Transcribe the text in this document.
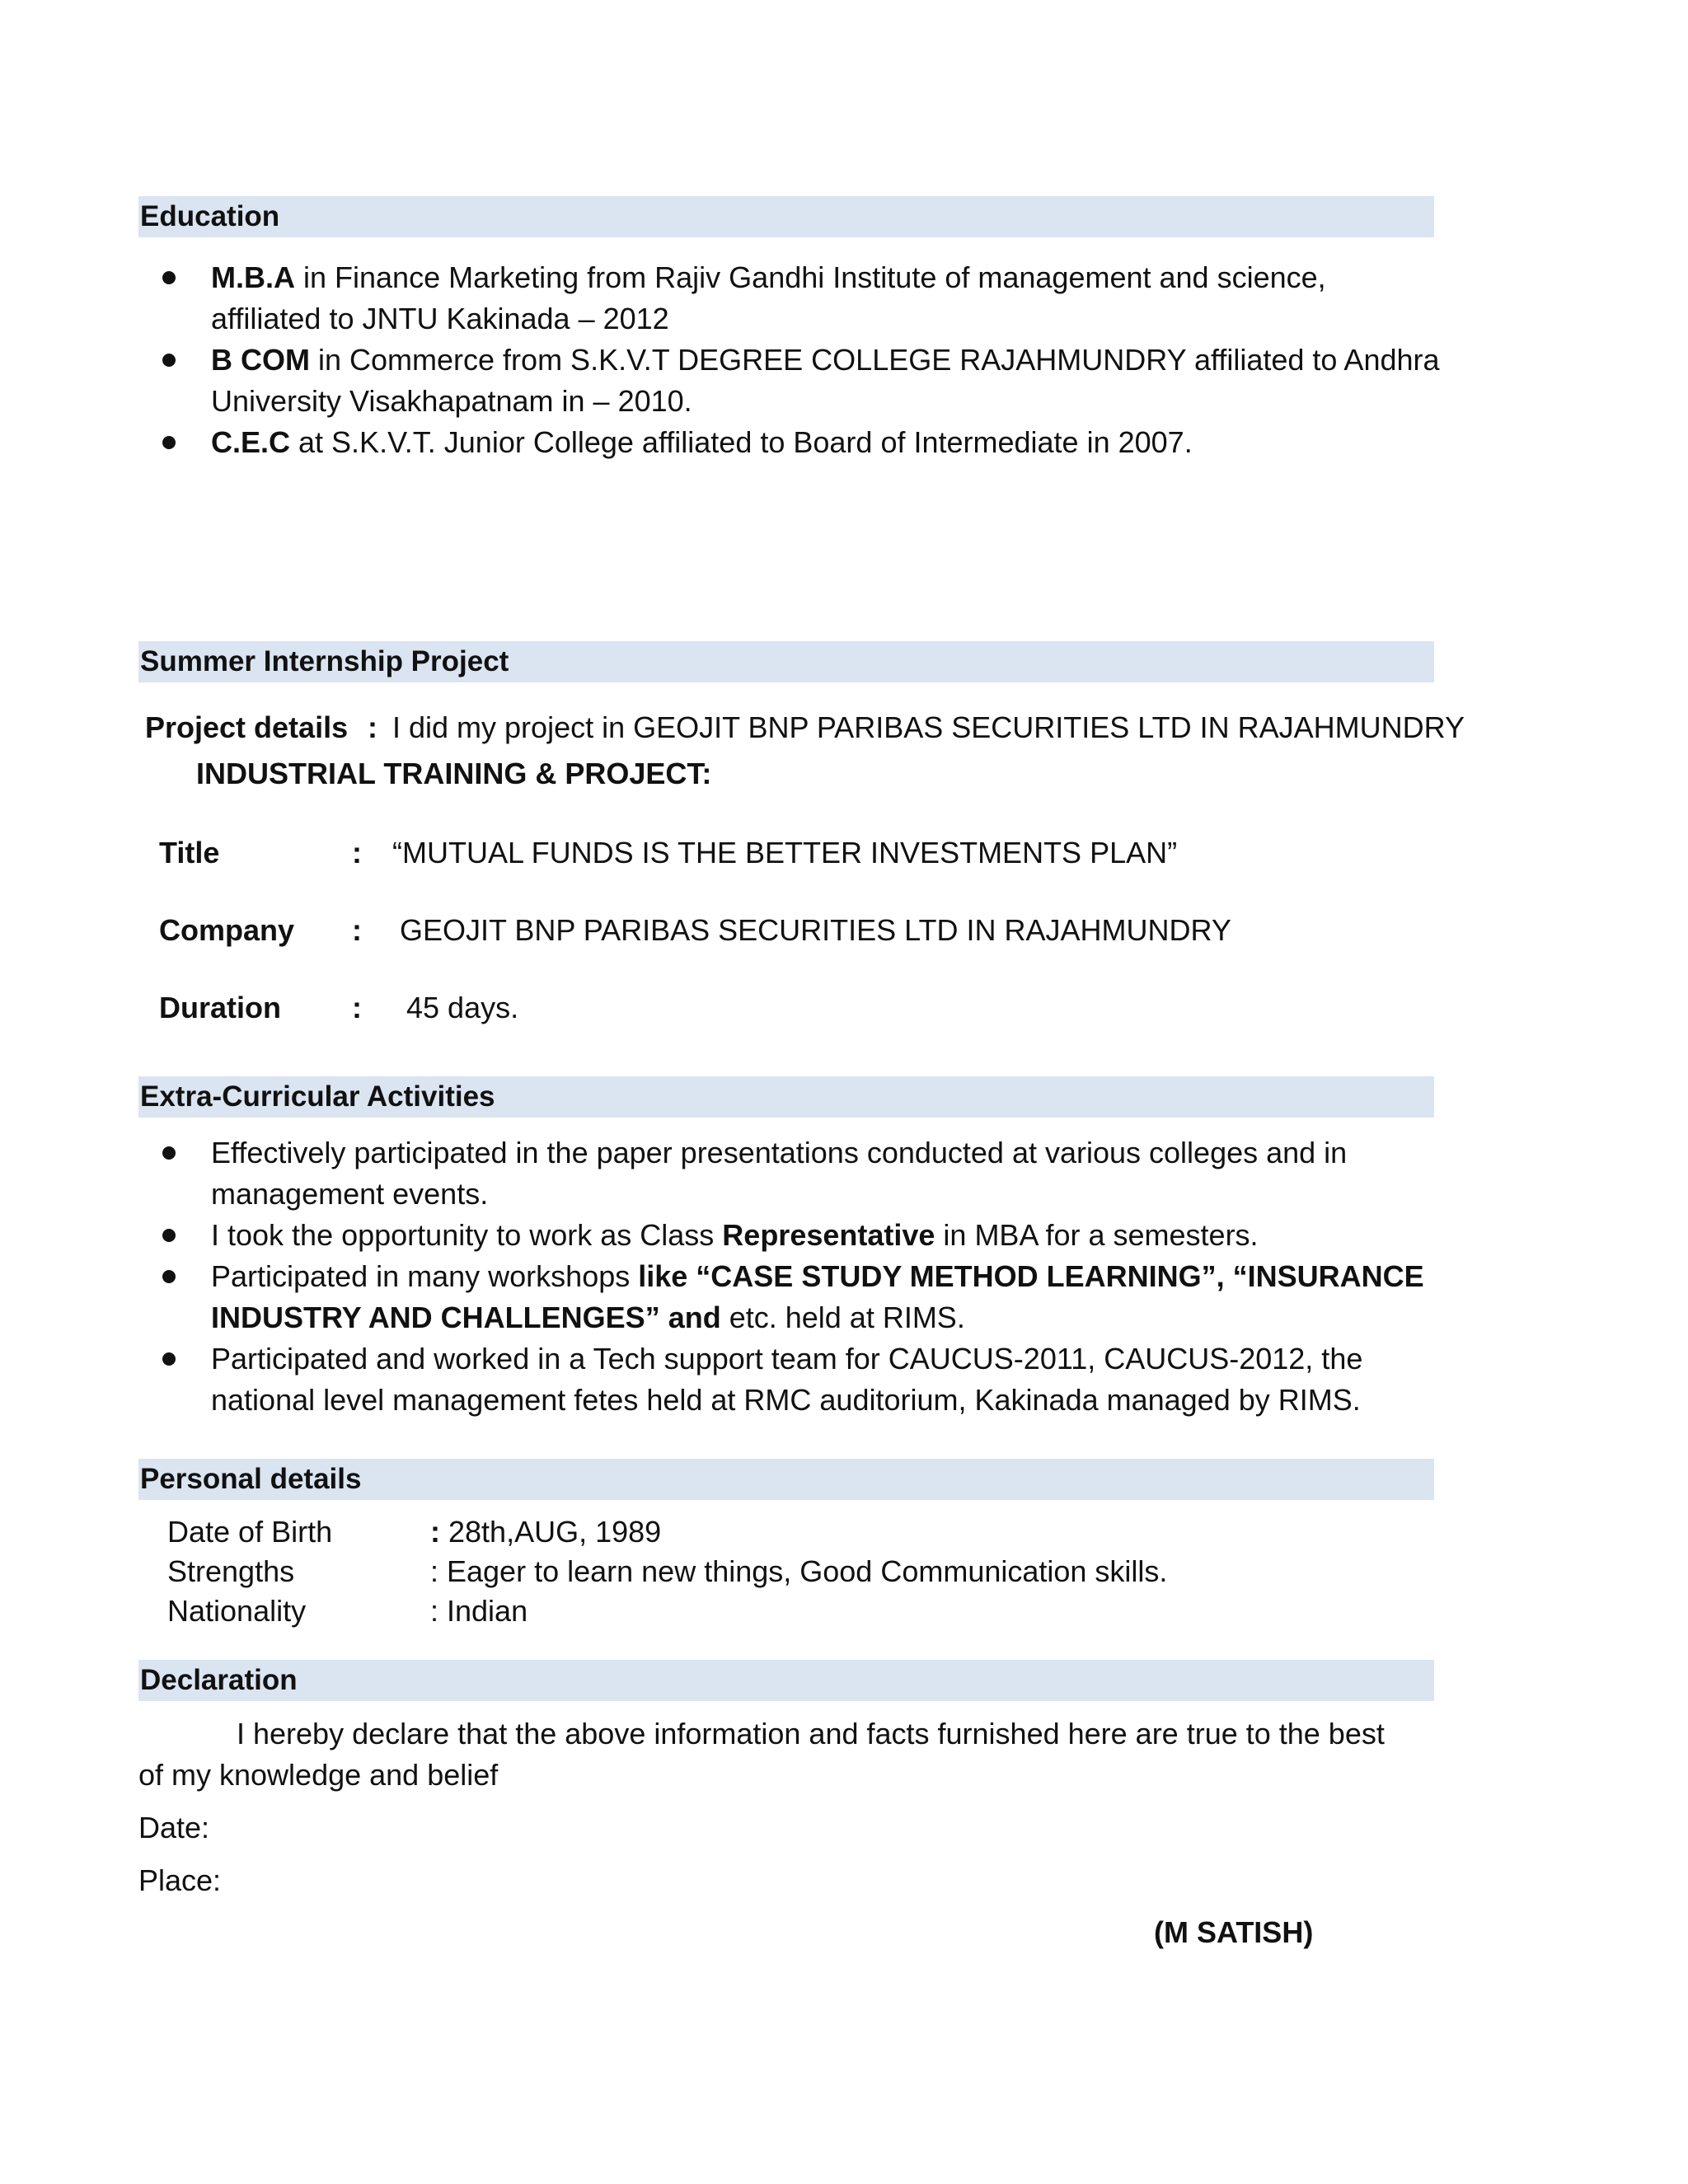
Education
M.B.A in Finance Marketing from Rajiv Gandhi Institute of management and science,
affiliated to JNTU Kakinada – 2012
B COM in Commerce from S.K.V.T DEGREE COLLEGE RAJAHMUNDRY affiliated to Andhra
University Visakhapatnam in – 2010.
C.E.C at S.K.V.T. Junior College affiliated to Board of Intermediate in 2007.
Summer Internship Project
Project details : I did my project in GEOJIT BNP PARIBAS SECURITIES LTD IN RAJAHMUNDRY
INDUSTRIAL TRAINING & PROJECT:
Title	: “MUTUAL FUNDS IS THE BETTER INVESTMENTS PLAN”
Company : GEOJIT BNP PARIBAS SECURITIES LTD IN RAJAHMUNDRY
Duration : 45 days.
Extra-Curricular Activities
Effectively participated in the paper presentations conducted at various colleges and in
management events.
I took the opportunity to work as Class Representative in MBA for a semesters.
Participated in many workshops like “CASE STUDY METHOD LEARNING”, “INSURANCE
INDUSTRY AND CHALLENGES” and etc. held at RIMS.
Participated and worked in a Tech support team for CAUCUS-2011, CAUCUS-2012, the
national level management fetes held at RMC auditorium, Kakinada managed by RIMS.
Personal details
Date of Birth	: 28th,AUG, 1989
Strengths	: Eager to learn new things, Good Communication skills.
Nationality	: Indian
Declaration
I hereby declare that the above information and facts furnished here are true to the best
of my knowledge and belief
Date:
Place:
(M SATISH)
